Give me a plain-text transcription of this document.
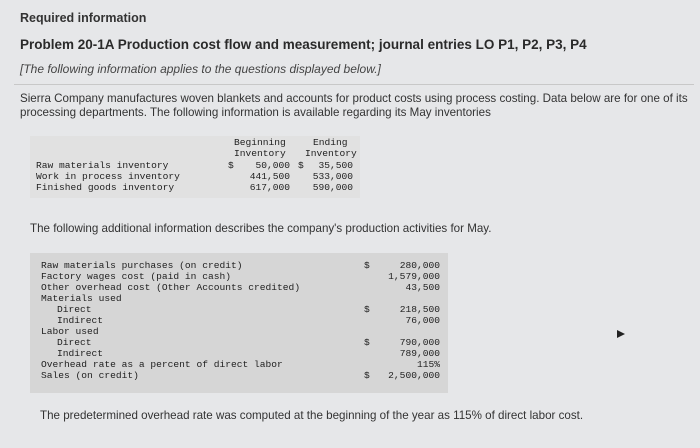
Required information
Problem 20-1A Production cost flow and measurement; journal entries LO P1, P2, P3, P4
[The following information applies to the questions displayed below.]
Sierra Company manufactures woven blankets and accounts for product costs using process costing. Data below are for one of its processing departments. The following information is available regarding its May inventories
Beginning
Inventory
Ending
Inventory
Raw materials inventory	$	50,000 $	35,500
Work in process inventory	441,500	533,000
Finished goods inventory	617,000	590,000
The following additional information describes the company's production activities for May.
Raw materials purchases (on credit)	$	280,000
Factory wages cost (paid in cash)	1,579,000
Other overhead cost (Other Accounts credited)	43,500
Materials used
Direct	$	218,500
Indirect	76,000
Labor used
Direct	$	790,000
Indirect	789,000
Overhead rate as a percent of direct labor	115%
Sales (on credit)	$	2,500,000
The predetermined overhead rate was computed at the beginning of the year as 115% of direct labor cost.
